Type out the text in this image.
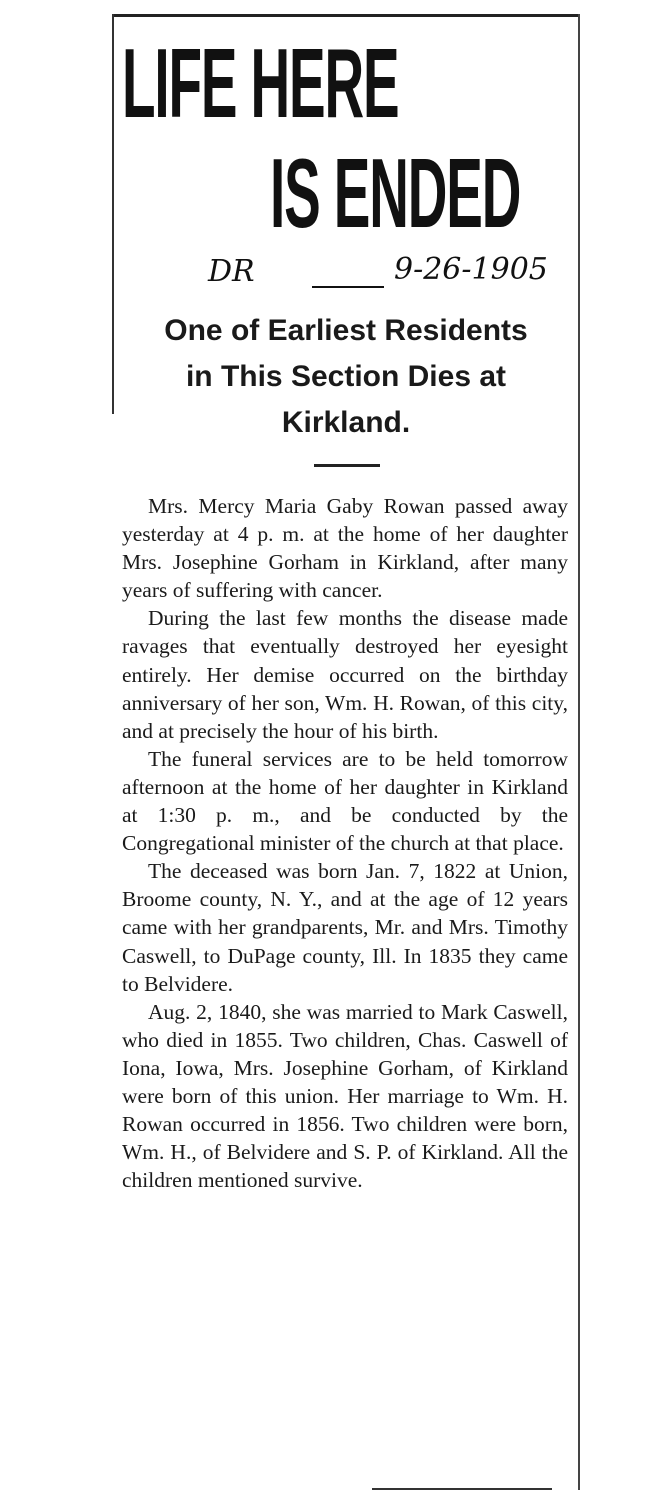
LIFE HERE
IS ENDED
DR	9-26-1905
One of Earliest Residents
in This Section Dies at
Kirkland.

Mrs. Mercy Maria Gaby Rowan passed away yesterday at 4 p. m. at the home of her daughter Mrs. Josephine Gorham in Kirkland, after many years of suffering with cancer.

During the last few months the disease made ravages that eventually destroyed her eyesight entirely. Her demise occurred on the birthday anniversary of her son, Wm. H. Rowan, of this city, and at precisely the hour of his birth.

The funeral services are to be held tomorrow afternoon at the home of her daughter in Kirkland at 1:30 p. m., and be conducted by the Congregational minister of the church at that place.

The deceased was born Jan. 7, 1822 at Union, Broome county, N. Y., and at the age of 12 years came with her grandparents, Mr. and Mrs. Timothy Caswell, to DuPage county, Ill. In 1835 they came to Belvidere.

Aug. 2, 1840, she was married to Mark Caswell, who died in 1855. Two children, Chas. Caswell of Iona, Iowa, Mrs. Josephine Gorham, of Kirkland were born of this union. Her marriage to Wm. H. Rowan occurred in 1856. Two children were born, Wm. H., of Belvidere and S. P. of Kirkland. All the children mentioned survive.
